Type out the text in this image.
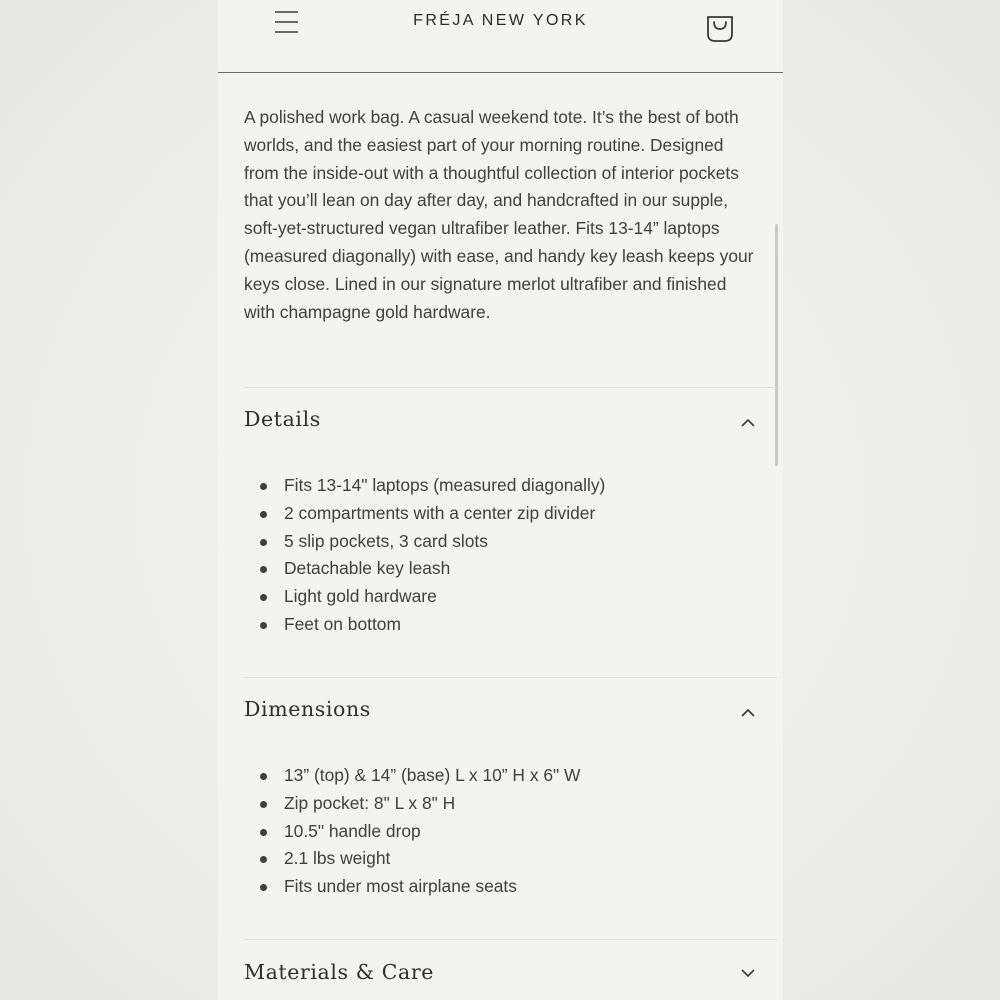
FRÉJA NEW YORK

A polished work bag. A casual weekend tote. It’s the best of both worlds, and the easiest part of your morning routine. Designed from the inside-out with a thoughtful collection of interior pockets that you’ll lean on day after day, and handcrafted in our supple, soft-yet-structured vegan ultrafiber leather. Fits 13-14” laptops (measured diagonally) with ease, and handy key leash keeps your keys close. Lined in our signature merlot ultrafiber and finished with champagne gold hardware.

Details
Fits 13-14" laptops (measured diagonally)
2 compartments with a center zip divider
5 slip pockets, 3 card slots
Detachable key leash
Light gold hardware
Feet on bottom
Dimensions
13” (top) & 14” (base) L x 10” H x 6" W
Zip pocket: 8" L x 8" H
10.5" handle drop
2.1 lbs weight
Fits under most airplane seats
Materials & Care
